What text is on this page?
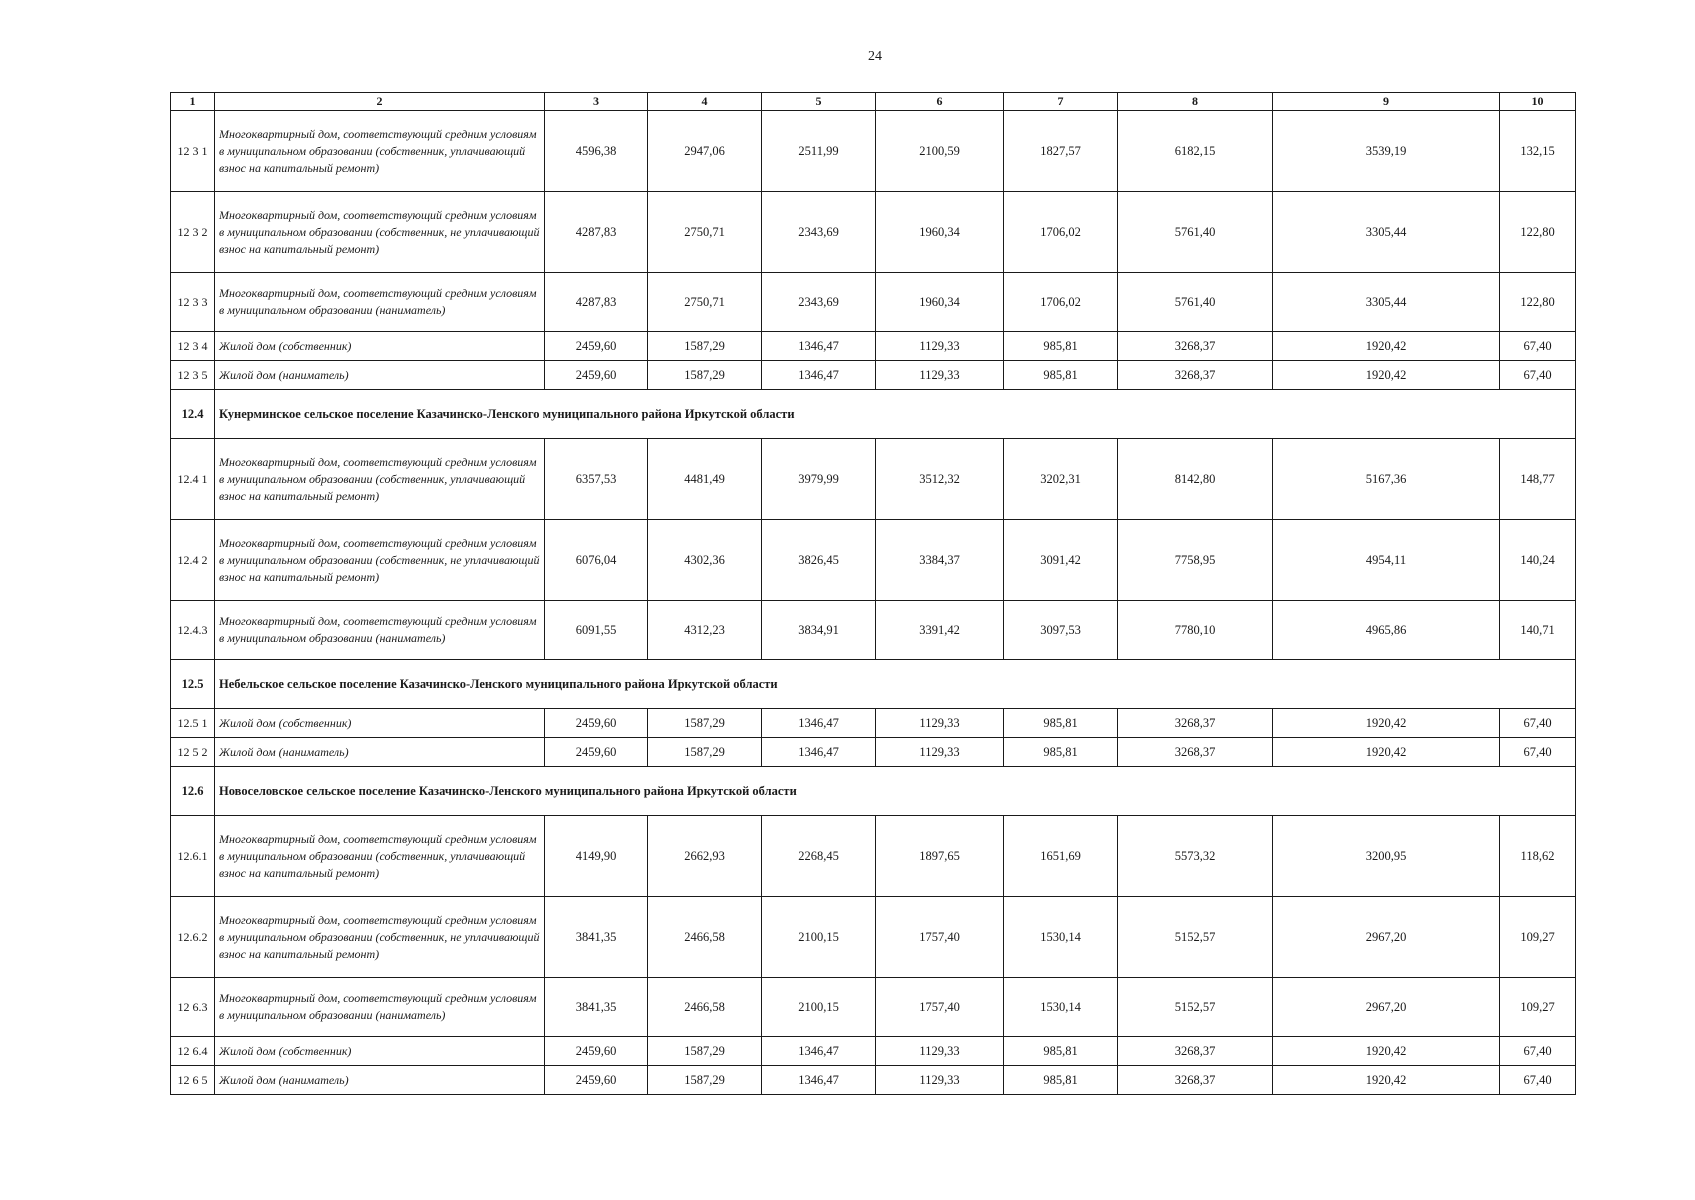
24
1	2	3	4	5	6	7	8	9	10
12 3 1	Многоквартирный дом, соответствующий средним условиям в муниципальном образовании (собственник, уплачивающий взнос на капитальный ремонт)	4596,38	2947,06	2511,99	2100,59	1827,57	6182,15	3539,19	132,15
12 3 2	Многоквартирный дом, соответствующий средним условиям в муниципальном образовании (собственник, не уплачивающий взнос на капитальный ремонт)	4287,83	2750,71	2343,69	1960,34	1706,02	5761,40	3305,44	122,80
12 3 3	Многоквартирный дом, соответствующий средним условиям в муниципальном образовании (наниматель)	4287,83	2750,71	2343,69	1960,34	1706,02	5761,40	3305,44	122,80
12 3 4	Жилой дом (собственник)	2459,60	1587,29	1346,47	1129,33	985,81	3268,37	1920,42	67,40
12 3 5	Жилой дом (наниматель)	2459,60	1587,29	1346,47	1129,33	985,81	3268,37	1920,42	67,40
12.4	Кунерминское сельское поселение Казачинско-Ленского муниципального района Иркутской области								
12.4 1	Многоквартирный дом, соответствующий средним условиям в муниципальном образовании (собственник, уплачивающий взнос на капитальный ремонт)	6357,53	4481,49	3979,99	3512,32	3202,31	8142,80	5167,36	148,77
12.4 2	Многоквартирный дом, соответствующий средним условиям в муниципальном образовании (собственник, не уплачивающий взнос на капитальный ремонт)	6076,04	4302,36	3826,45	3384,37	3091,42	7758,95	4954,11	140,24
12.4.3	Многоквартирный дом, соответствующий средним условиям в муниципальном образовании (наниматель)	6091,55	4312,23	3834,91	3391,42	3097,53	7780,10	4965,86	140,71
12.5	Небельское сельское поселение Казачинско-Ленского муниципального района Иркутской области								
12.5 1	Жилой дом (собственник)	2459,60	1587,29	1346,47	1129,33	985,81	3268,37	1920,42	67,40
12 5 2	Жилой дом (наниматель)	2459,60	1587,29	1346,47	1129,33	985,81	3268,37	1920,42	67,40
12.6	Новоселовское сельское поселение Казачинско-Ленского муниципального района Иркутской области								
12.6.1	Многоквартирный дом, соответствующий средним условиям в муниципальном образовании (собственник, уплачивающий взнос на капитальный ремонт)	4149,90	2662,93	2268,45	1897,65	1651,69	5573,32	3200,95	118,62
12.6.2	Многоквартирный дом, соответствующий средним условиям в муниципальном образовании (собственник, не уплачивающий взнос на капитальный ремонт)	3841,35	2466,58	2100,15	1757,40	1530,14	5152,57	2967,20	109,27
12 6.3	Многоквартирный дом, соответствующий средним условиям в муниципальном образовании (наниматель)	3841,35	2466,58	2100,15	1757,40	1530,14	5152,57	2967,20	109,27
12 6.4	Жилой дом (собственник)	2459,60	1587,29	1346,47	1129,33	985,81	3268,37	1920,42	67,40
12 6 5	Жилой дом (наниматель)	2459,60	1587,29	1346,47	1129,33	985,81	3268,37	1920,42	67,40
